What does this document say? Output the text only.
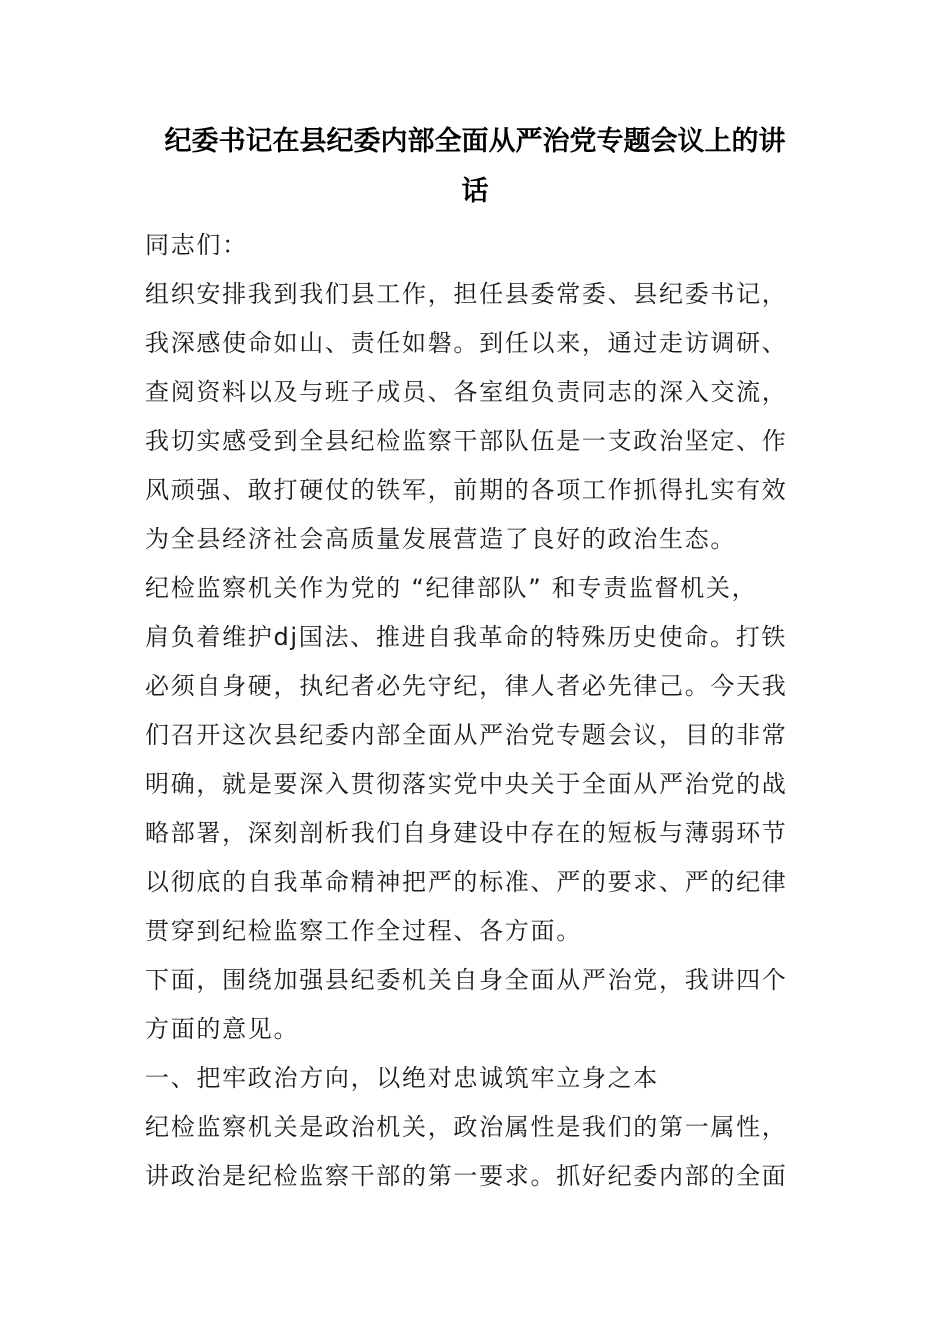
纪委书记在县纪委内部全面从严治党专题会议上的讲
话
同志们：
组织安排我到我们县工作，担任县委常委、县纪委书记，
我深感使命如山、责任如磐。到任以来，通过走访调研、
查阅资料以及与班子成员、各室组负责同志的深入交流，
我切实感受到全县纪检监察干部队伍是一支政治坚定、作
风顽强、敢打硬仗的铁军，前期的各项工作抓得扎实有效
为全县经济社会高质量发展营造了良好的政治生态。
纪检监察机关作为党的 “纪律部队” 和专责监督机关，
肩负着维护dj国法、推进自我革命的特殊历史使命。打铁
必须自身硬，执纪者必先守纪，律人者必先律己。今天我
们召开这次县纪委内部全面从严治党专题会议，目的非常
明确，就是要深入贯彻落实党中央关于全面从严治党的战
略部署，深刻剖析我们自身建设中存在的短板与薄弱环节
以彻底的自我革命精神把严的标准、严的要求、严的纪律
贯穿到纪检监察工作全过程、各方面。
下面，围绕加强县纪委机关自身全面从严治党，我讲四个
方面的意见。
一、把牢政治方向，以绝对忠诚筑牢立身之本
纪检监察机关是政治机关，政治属性是我们的第一属性，
讲政治是纪检监察干部的第一要求。抓好纪委内部的全面
